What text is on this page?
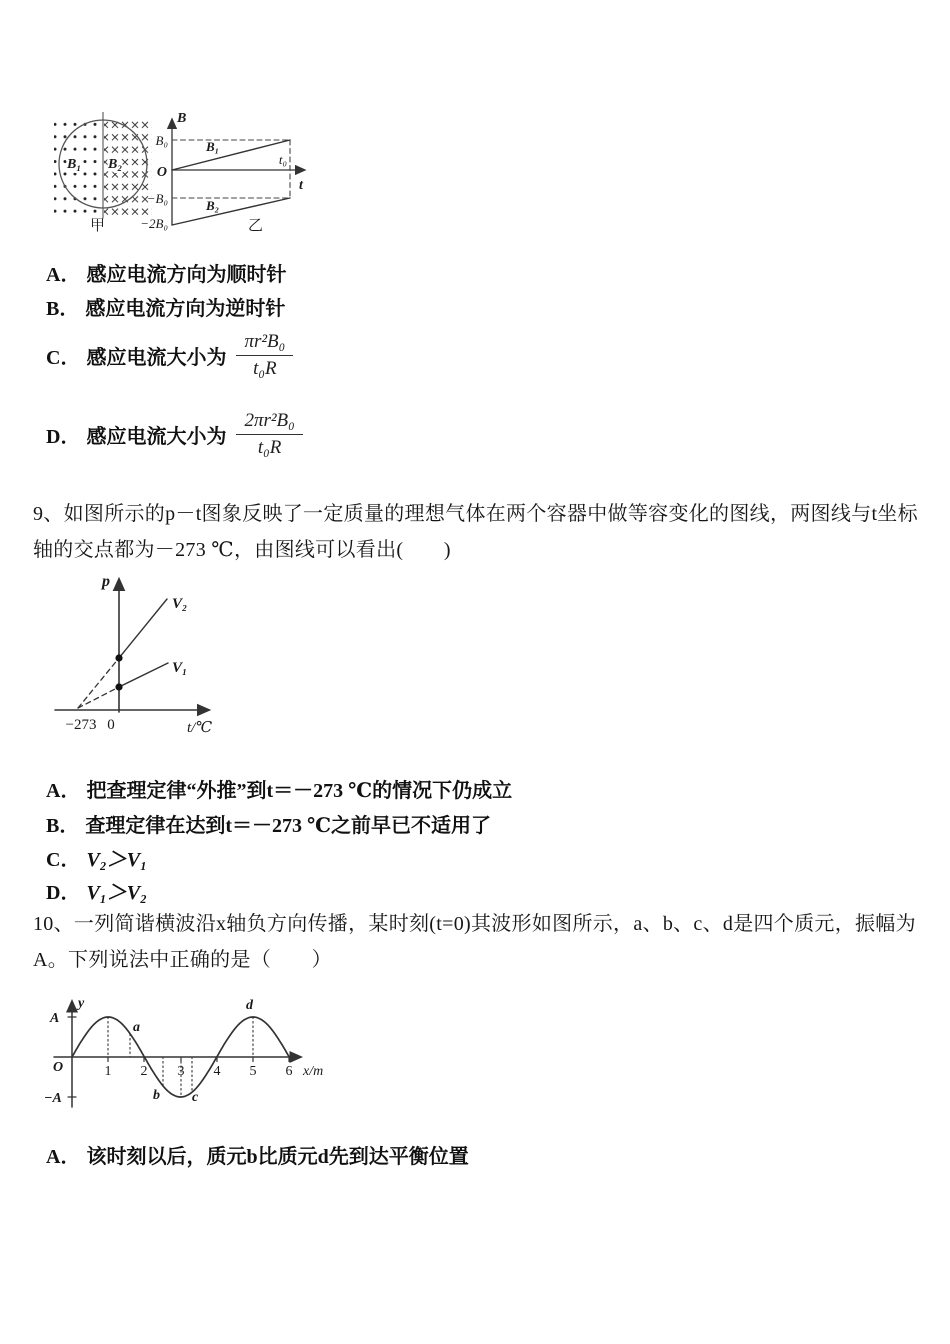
B₁ B₂
甲
B
B₀
O
−B₀
−2B₀
B₁
B₂
t₀
t
乙
A． 感应电流方向为顺时针
B． 感应电流方向为逆时针
C． 感应电流大小为 $\frac{\text{πr²B₀}}{\text{t₀R}}$
D． 感应电流大小为 $\frac{\text{2πr²B₀}}{\text{t₀R}}$
9、如图所示的p－t图象反映了一定质量的理想气体在两个容器中做等容变化的图线，两图线与t坐标轴的交点都为－273 ℃，由图线可以看出(　　)
p
V₂
V₁
−273 0	t/℃
A． 把查理定律“外推”到t＝－273 ℃的情况下仍成立
B． 查理定律在达到t＝－273 ℃之前早已不适用了
C． V₂＞V₁
D． V₁＞V₂
10、一列简谐横波沿x轴负方向传播，某时刻(t=0)其波形如图所示，a、b、c、d是四个质元，振幅为A。下列说法中正确的是（　　）
y
A
−A
O	1 2 3 4 5 6 x/m
a
b c
d
A． 该时刻以后，质元b比质元d先到达平衡位置
